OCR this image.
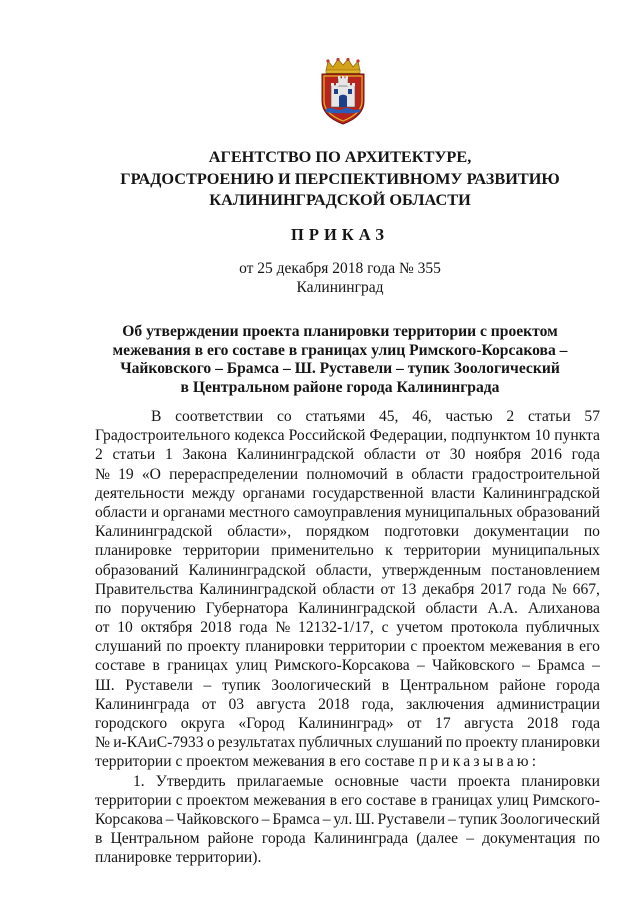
АГЕНТСТВО ПО АРХИТЕКТУРЕ,
ГРАДОСТРОЕНИЮ И ПЕРСПЕКТИВНОМУ РАЗВИТИЮ
КАЛИНИНГРАДСКОЙ ОБЛАСТИ
ПРИКАЗ
от 25 декабря 2018 года № 355
Калининград
Об утверждении проекта планировки территории с проектом
межевания в его составе в границах улиц Римского-Корсакова –
Чайковского – Брамса – Ш. Руставели – тупик Зоологический
в Центральном районе города Калининграда
В соответствии со статьями 45, 46, частью 2 статьи 57
Градостроительного кодекса Российской Федерации, подпунктом 10 пункта
2 статьи 1 Закона Калининградской области от 30 ноября 2016 года
№ 19 «О перераспределении полномочий в области градостроительной
деятельности между органами государственной власти Калининградской
области и органами местного самоуправления муниципальных образований
Калининградской области», порядком подготовки документации по
планировке территории применительно к территории муниципальных
образований Калининградской области, утвержденным постановлением
Правительства Калининградской области от 13 декабря 2017 года № 667,
по поручению Губернатора Калининградской области А.А. Алиханова
от 10 октября 2018 года № 12132-1/17, с учетом протокола публичных
слушаний по проекту планировки территории с проектом межевания в его
составе в границах улиц Римского-Корсакова – Чайковского – Брамса –
Ш. Руставели – тупик Зоологический в Центральном районе города
Калининграда от 03 августа 2018 года, заключения администрации
городского округа «Город Калининград» от 17 августа 2018 года
№ и-КАиС-7933 о результатах публичных слушаний по проекту планировки
территории с проектом межевания в его составе приказываю:
1. Утвердить прилагаемые основные части проекта планировки
территории с проектом межевания в его составе в границах улиц Римского-
Корсакова – Чайковского – Брамса – ул. Ш. Руставели – тупик Зоологический
в Центральном районе города Калининграда (далее – документация по
планировке территории).
